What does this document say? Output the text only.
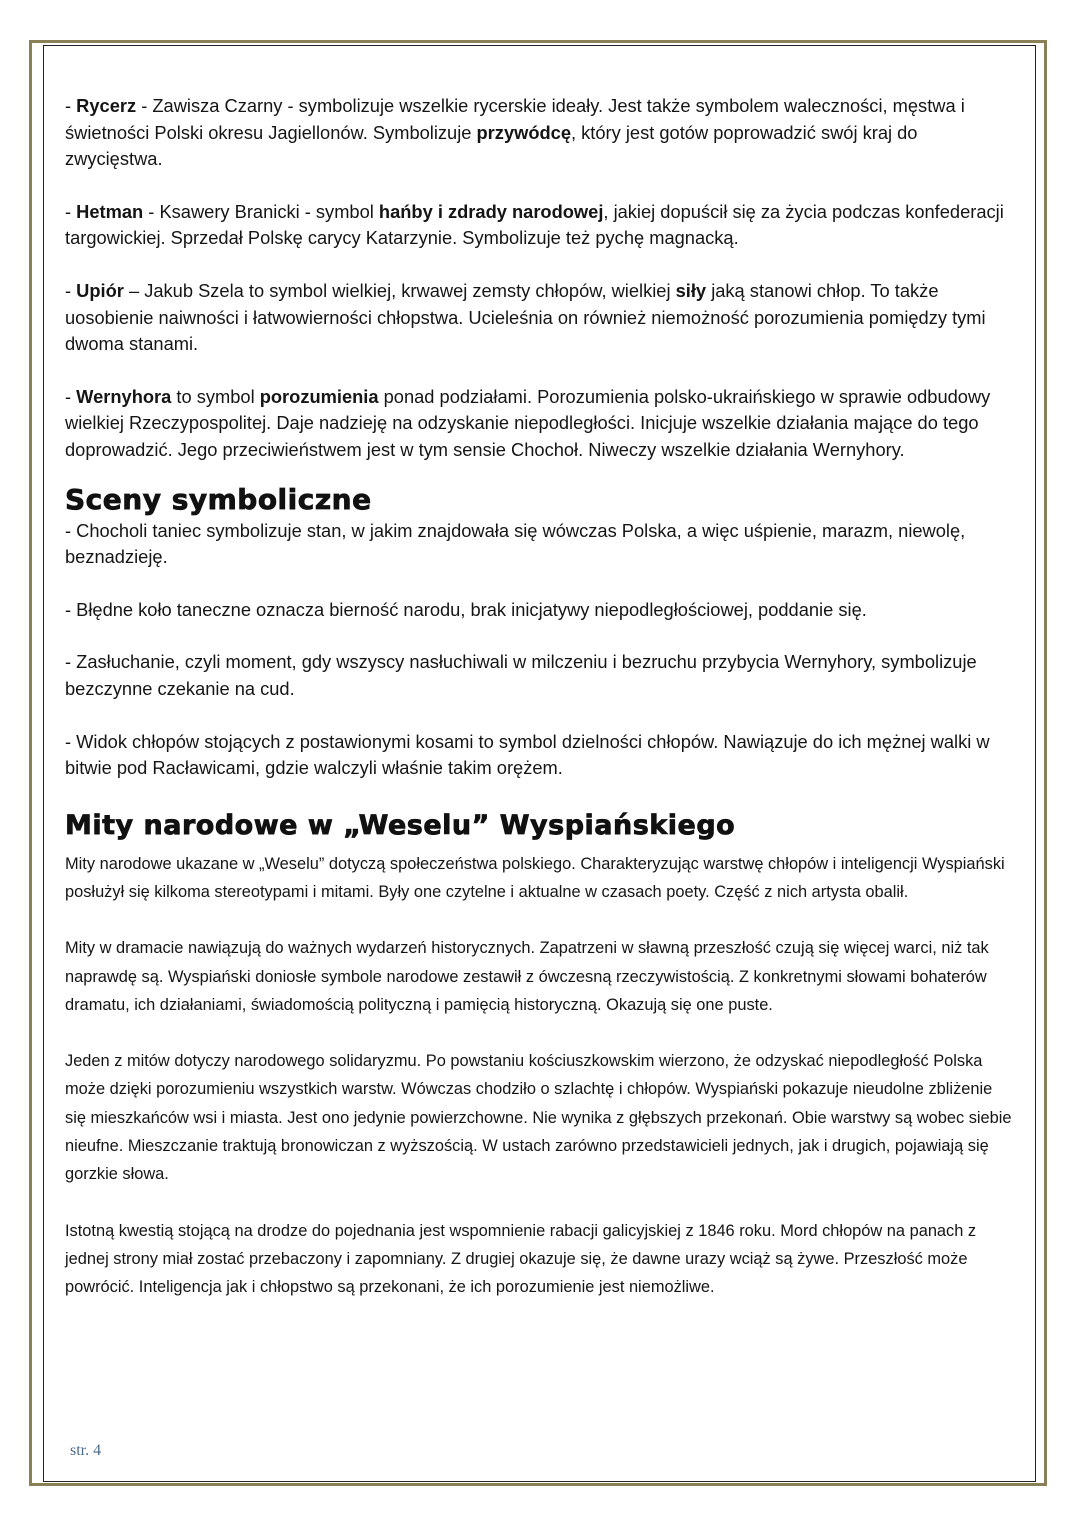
- Rycerz - Zawisza Czarny - symbolizuje wszelkie rycerskie ideały. Jest także symbolem waleczności, męstwa i świetności Polski okresu Jagiellonów. Symbolizuje przywódcę, który jest gotów poprowadzić swój kraj do zwycięstwa.

- Hetman - Ksawery Branicki - symbol hańby i zdrady narodowej, jakiej dopuścił się za życia podczas konfederacji targowickiej. Sprzedał Polskę carycy Katarzynie. Symbolizuje też pychę magnacką.

- Upiór – Jakub Szela to symbol wielkiej, krwawej zemsty chłopów, wielkiej siły jaką stanowi chłop. To także uosobienie naiwności i łatwowierności chłopstwa. Ucieleśnia on również niemożność porozumienia pomiędzy tymi dwoma stanami.

- Wernyhora to symbol porozumienia ponad podziałami. Porozumienia polsko-ukraińskiego w sprawie odbudowy wielkiej Rzeczypospolitej. Daje nadzieję na odzyskanie niepodległości. Inicjuje wszelkie działania mające do tego doprowadzić. Jego przeciwieństwem jest w tym sensie Chochoł. Niweczy wszelkie działania Wernyhory.

Sceny symboliczne

- Chocholi taniec symbolizuje stan, w jakim znajdowała się wówczas Polska, a więc uśpienie, marazm, niewolę, beznadzieję.

- Błędne koło taneczne oznacza bierność narodu, brak inicjatywy niepodległościowej, poddanie się.

- Zasłuchanie, czyli moment, gdy wszyscy nasłuchiwali w milczeniu i bezruchu przybycia Wernyhory, symbolizuje bezczynne czekanie na cud.

- Widok chłopów stojących z postawionymi kosami to symbol dzielności chłopów. Nawiązuje do ich mężnej walki w bitwie pod Racławicami, gdzie walczyli właśnie takim orężem.

Mity narodowe w „Weselu” Wyspiańskiego

Mity narodowe ukazane w „Weselu” dotyczą społeczeństwa polskiego. Charakteryzując warstwę chłopów i inteligencji Wyspiański posłużył się kilkoma stereotypami i mitami. Były one czytelne i aktualne w czasach poety. Część z nich artysta obalił.

Mity w dramacie nawiązują do ważnych wydarzeń historycznych. Zapatrzeni w sławną przeszłość czują się więcej warci, niż tak naprawdę są. Wyspiański doniosłe symbole narodowe zestawił z ówczesną rzeczywistością. Z konkretnymi słowami bohaterów dramatu, ich działaniami, świadomością polityczną i pamięcią historyczną. Okazują się one puste.

Jeden z mitów dotyczy narodowego solidaryzmu. Po powstaniu kościuszkowskim wierzono, że odzyskać niepodległość Polska może dzięki porozumieniu wszystkich warstw. Wówczas chodziło o szlachtę i chłopów. Wyspiański pokazuje nieudolne zbliżenie się mieszkańców wsi i miasta. Jest ono jedynie powierzchowne. Nie wynika z głębszych przekonań. Obie warstwy są wobec siebie nieufne. Mieszczanie traktują bronowiczan z wyższością. W ustach zarówno przedstawicieli jednych, jak i drugich, pojawiają się gorzkie słowa.

Istotną kwestią stojącą na drodze do pojednania jest wspomnienie rabacji galicyjskiej z 1846 roku. Mord chłopów na panach z jednej strony miał zostać przebaczony i zapomniany. Z drugiej okazuje się, że dawne urazy wciąż są żywe. Przeszłość może powrócić. Inteligencja jak i chłopstwo są przekonani, że ich porozumienie jest niemożliwe.

str. 4
